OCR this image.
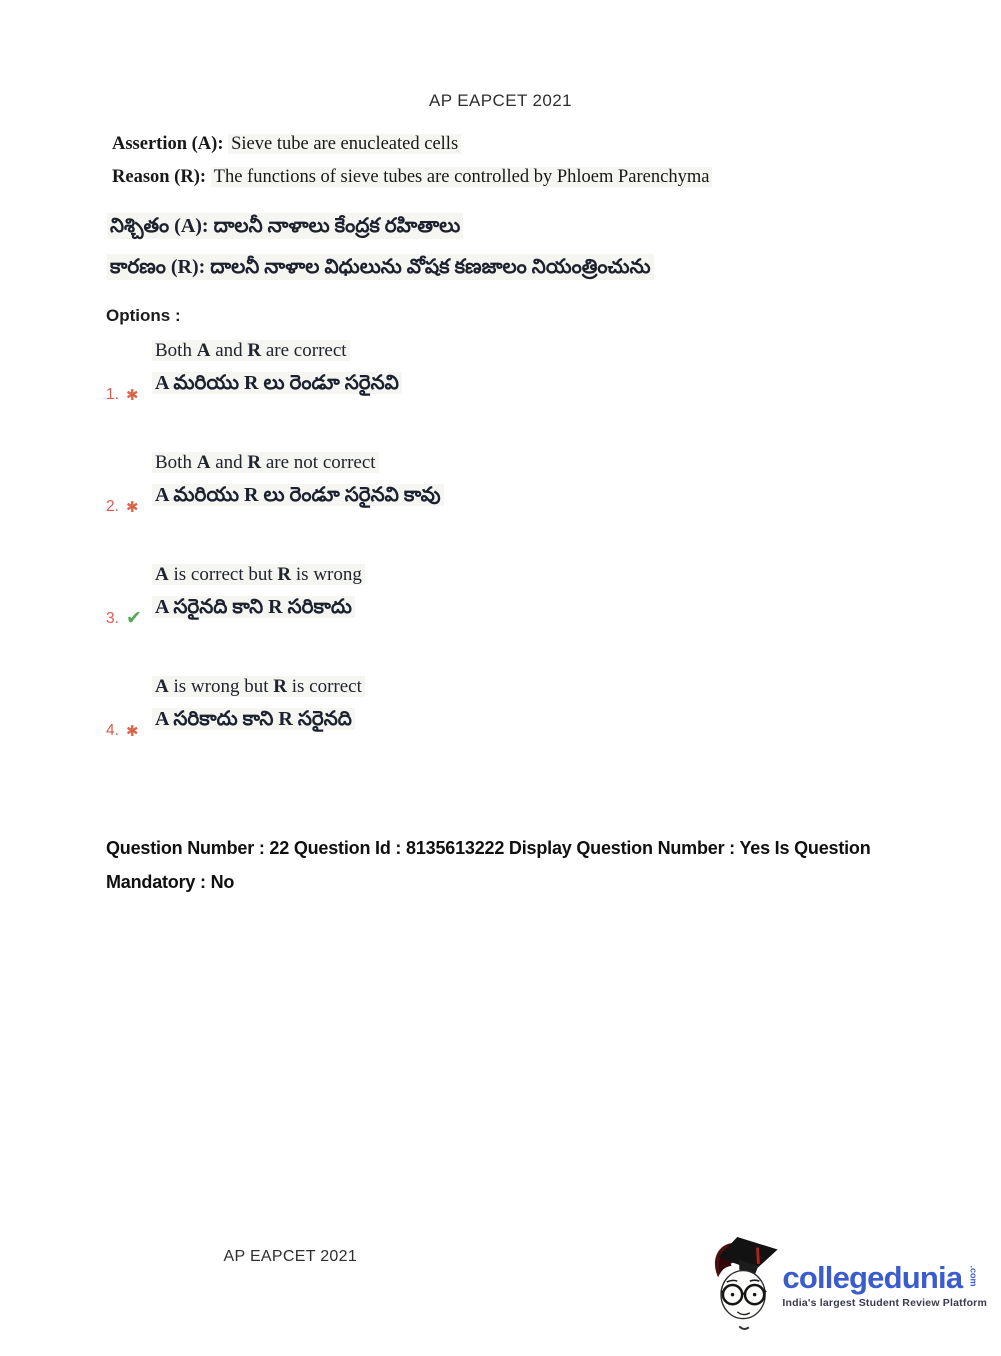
AP EAPCET 2021
Assertion (A): Sieve tube are enucleated cells
Reason (R): The functions of sieve tubes are controlled by Phloem Parenchyma
నిశ్చితం (A): దాలనీ నాళాలు కేంద్రక రహితాలు
కారణం (R): దాలనీ నాళాల విధులును వోషక కణజాలం నియంత్రించును
Options :
Both A and R are correct
A మరియు R లు రెండూ సరైనవి
1. ✱
Both A and R are not correct
A మరియు R లు రెండూ సరైనవి కావు
2. ✱
A is correct but R is wrong
A సరైనది కాని R సరికాదు
3. ✔
A is wrong but R is correct
A సరికాదు కాని R సరైనది
4. ✱
Question Number : 22 Question Id : 8135613222 Display Question Number : Yes Is Question
Mandatory : No
AP EAPCET 2021
collegedunia .com
India's largest Student Review Platform
